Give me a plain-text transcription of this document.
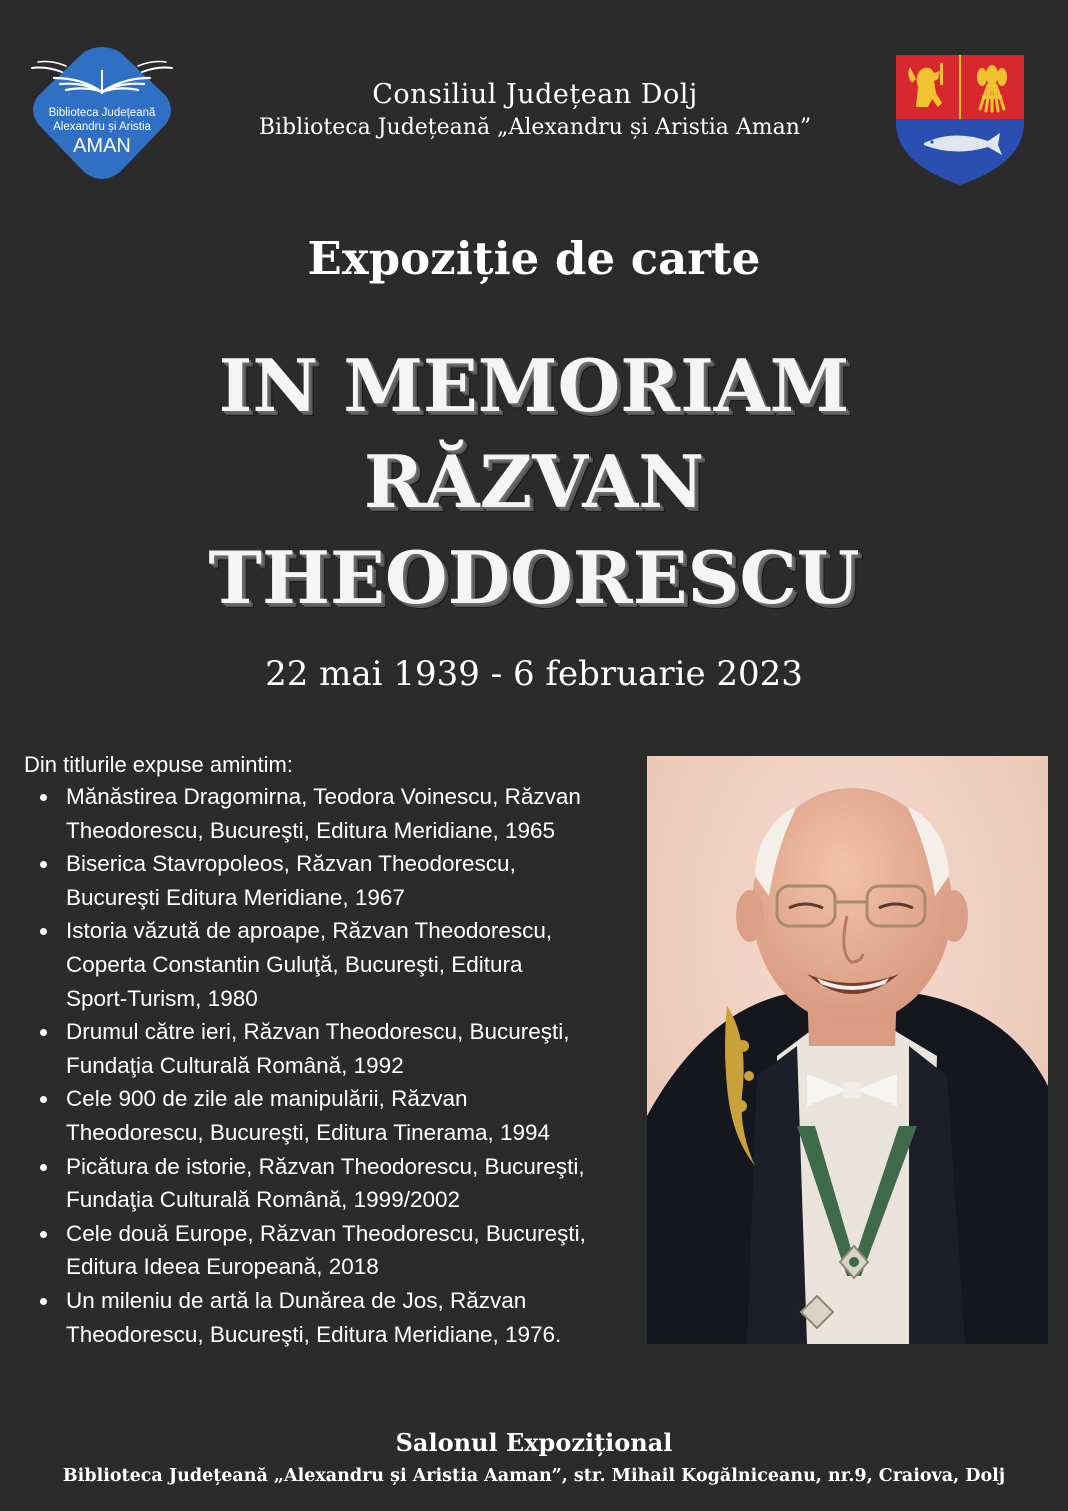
Biblioteca Județeană
Alexandru și Aristia
AMAN
Consiliul Județean Dolj
Biblioteca Județeană „Alexandru și Aristia Aman”
Expoziție de carte
IN MEMORIAM
RĂZVAN
THEODORESCU
22 mai 1939 - 6 februarie 2023
Din titlurile expuse amintim:
Mănăstirea Dragomirna, Teodora Voinescu, Răzvan
Theodorescu, Bucureşti, Editura Meridiane, 1965
Biserica Stavropoleos, Răzvan Theodorescu,
Bucureşti Editura Meridiane, 1967
Istoria văzută de aproape, Răzvan Theodorescu,
Coperta Constantin Guluţă, Bucureşti, Editura
Sport-Turism, 1980
Drumul către ieri, Răzvan Theodorescu, Bucureşti,
Fundaţia Culturală Română, 1992
Cele 900 de zile ale manipulării, Răzvan
Theodorescu, Bucureşti, Editura Tinerama, 1994
Picătura de istorie, Răzvan Theodorescu, Bucureşti,
Fundaţia Culturală Română, 1999/2002
Cele două Europe, Răzvan Theodorescu, Bucureşti,
Editura Ideea Europeană, 2018
Un mileniu de artă la Dunărea de Jos, Răzvan
Theodorescu, Bucureşti, Editura Meridiane, 1976.
Salonul Expozițional
Biblioteca Județeană „Alexandru și Aristia Aaman”, str. Mihail Kogălniceanu, nr.9, Craiova, Dolj
